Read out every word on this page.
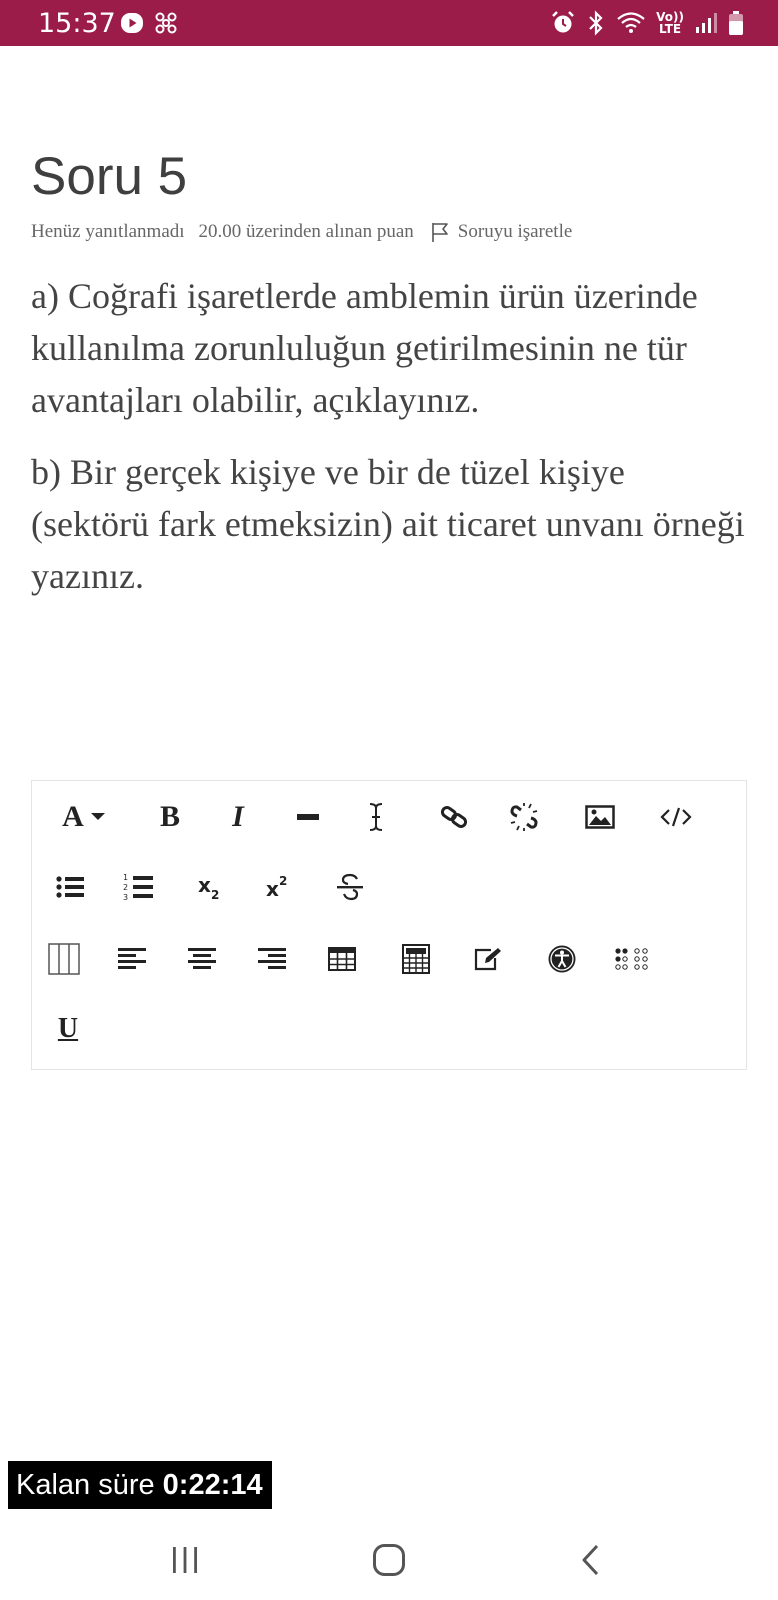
15:37	Vo))
LTE
Soru 5
Henüz yanıtlanmadı 20.00 üzerinden alınan puan Soruyu işaretle

a) Coğrafi işaretlerde amblemin ürün üzerinde kullanılma zorunluluğun getirilmesinin ne tür avantajları olabilir, açıklayınız.

b) Bir gerçek kişiye ve bir de tüzel kişiye (sektörü fark etmeksizin) ait ticaret unvanı örneği yazınız.

A	B I
1
2
3
x 2 x 2
U
Kalan süre 0:22:14
